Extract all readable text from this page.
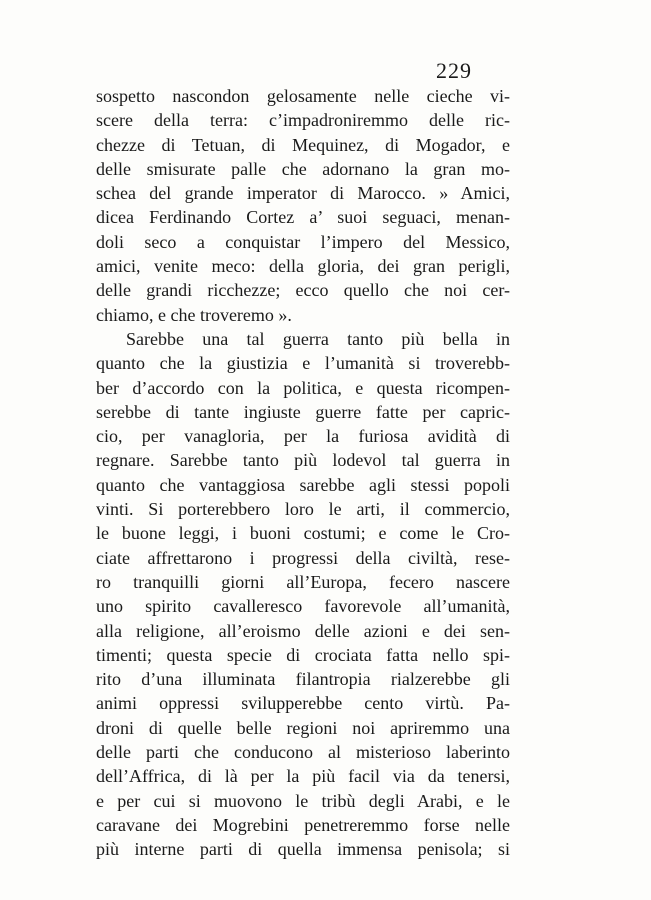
229
sospetto nascondon gelosamente nelle cieche vi-
scere della terra: c’impadroniremmo delle ric-
chezze di Tetuan, di Mequinez, di Mogador, e
delle smisurate palle che adornano la gran mo-
schea del grande imperator di Marocco. » Amici,
dicea Ferdinando Cortez a’ suoi seguaci, menan-
doli seco a conquistar l’impero del Messico,
amici, venite meco: della gloria, dei gran perigli,
delle grandi ricchezze; ecco quello che noi cer-
chiamo, e che troveremo ».
Sarebbe una tal guerra tanto più bella in
quanto che la giustizia e l’umanità si troverebb-
ber d’accordo con la politica, e questa ricompen-
serebbe di tante ingiuste guerre fatte per capric-
cio, per vanagloria, per la furiosa avidità di
regnare. Sarebbe tanto più lodevol tal guerra in
quanto che vantaggiosa sarebbe agli stessi popoli
vinti. Si porterebbero loro le arti, il commercio,
le buone leggi, i buoni costumi; e come le Cro-
ciate affrettarono i progressi della civiltà, rese-
ro tranquilli giorni all’Europa, fecero nascere
uno spirito cavalleresco favorevole all’umanità,
alla religione, all’eroismo delle azioni e dei sen-
timenti; questa specie di crociata fatta nello spi-
rito d’una illuminata filantropia rialzerebbe gli
animi oppressi svilupperebbe cento virtù. Pa-
droni di quelle belle regioni noi apriremmo una
delle parti che conducono al misterioso laberinto
dell’Affrica, di là per la più facil via da tenersi,
e per cui si muovono le tribù degli Arabi, e le
caravane dei Mogrebini penetreremmo forse nelle
più interne parti di quella immensa penisola; si
